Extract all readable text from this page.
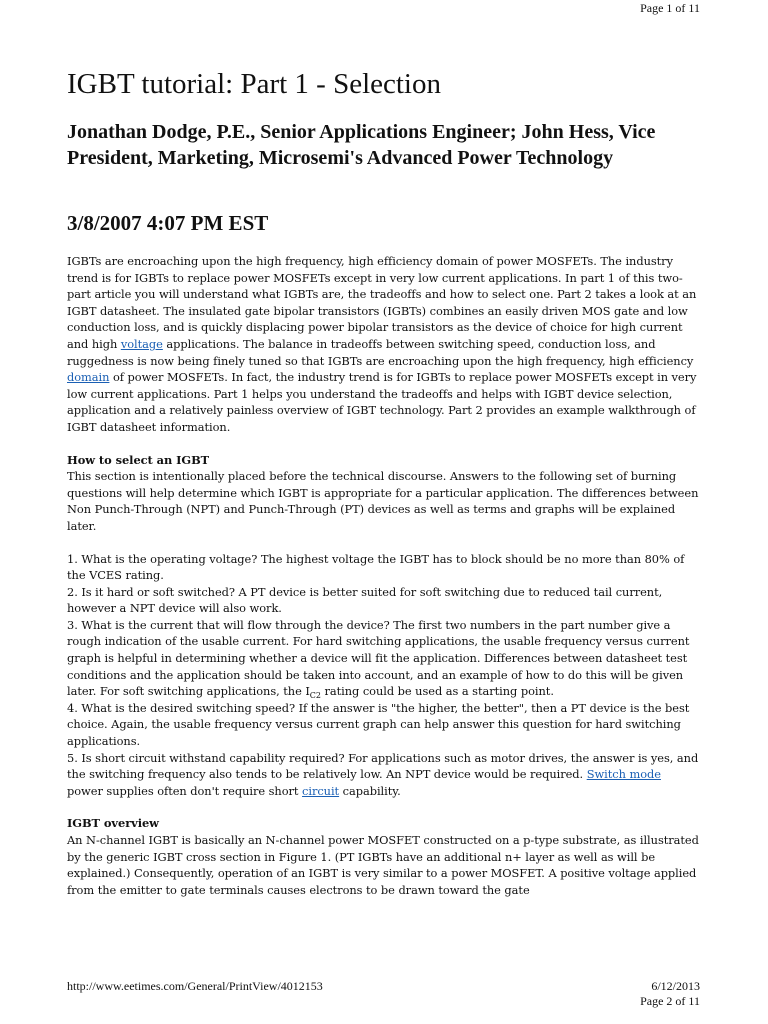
Page 1 of 11
IGBT tutorial: Part 1 - Selection
Jonathan Dodge, P.E., Senior Applications Engineer; John Hess, Vice President, Marketing, Microsemi's Advanced Power Technology
3/8/2007 4:07 PM EST

IGBTs are encroaching upon the high frequency, high efficiency domain of power MOSFETs. The industry trend is for IGBTs to replace power MOSFETs except in very low current applications. In part 1 of this two-part article you will understand what IGBTs are, the tradeoffs and how to select one. Part 2 takes a look at an IGBT datasheet. The insulated gate bipolar transistors (IGBTs) combines an easily driven MOS gate and low conduction loss, and is quickly displacing power bipolar transistors as the device of choice for high current and high voltage applications. The balance in tradeoffs between switching speed, conduction loss, and ruggedness is now being finely tuned so that IGBTs are encroaching upon the high frequency, high efficiency domain of power MOSFETs. In fact, the industry trend is for IGBTs to replace power MOSFETs except in very low current applications. Part 1 helps you understand the tradeoffs and helps with IGBT device selection, application and a relatively painless overview of IGBT technology. Part 2 provides an example walkthrough of IGBT datasheet information.

How to select an IGBT

This section is intentionally placed before the technical discourse. Answers to the following set of burning questions will help determine which IGBT is appropriate for a particular application. The differences between Non Punch-Through (NPT) and Punch-Through (PT) devices as well as terms and graphs will be explained later.

1. What is the operating voltage? The highest voltage the IGBT has to block should be no more than 80% of the VCES rating.

2. Is it hard or soft switched? A PT device is better suited for soft switching due to reduced tail current, however a NPT device will also work.

3. What is the current that will flow through the device? The first two numbers in the part number give a rough indication of the usable current. For hard switching applications, the usable frequency versus current graph is helpful in determining whether a device will fit the application. Differences between datasheet test conditions and the application should be taken into account, and an example of how to do this will be given later. For soft switching applications, the $I_{C2}$ rating could be used as a starting point.

4. What is the desired switching speed? If the answer is "the higher, the better", then a PT device is the best choice. Again, the usable frequency versus current graph can help answer this question for hard switching applications.

5. Is short circuit withstand capability required? For applications such as motor drives, the answer is yes, and the switching frequency also tends to be relatively low. An NPT device would be required. Switch mode power supplies often don't require short circuit capability.

IGBT overview

An N-channel IGBT is basically an N-channel power MOSFET constructed on a p-type substrate, as illustrated by the generic IGBT cross section in Figure 1. (PT IGBTs have an additional n+ layer as well as will be explained.) Consequently, operation of an IGBT is very similar to a power MOSFET. A positive voltage applied from the emitter to gate terminals causes electrons to be drawn toward the gate

http://www.eetimes.com/General/PrintView/4012153	6/12/2013
Page 2 of 11
